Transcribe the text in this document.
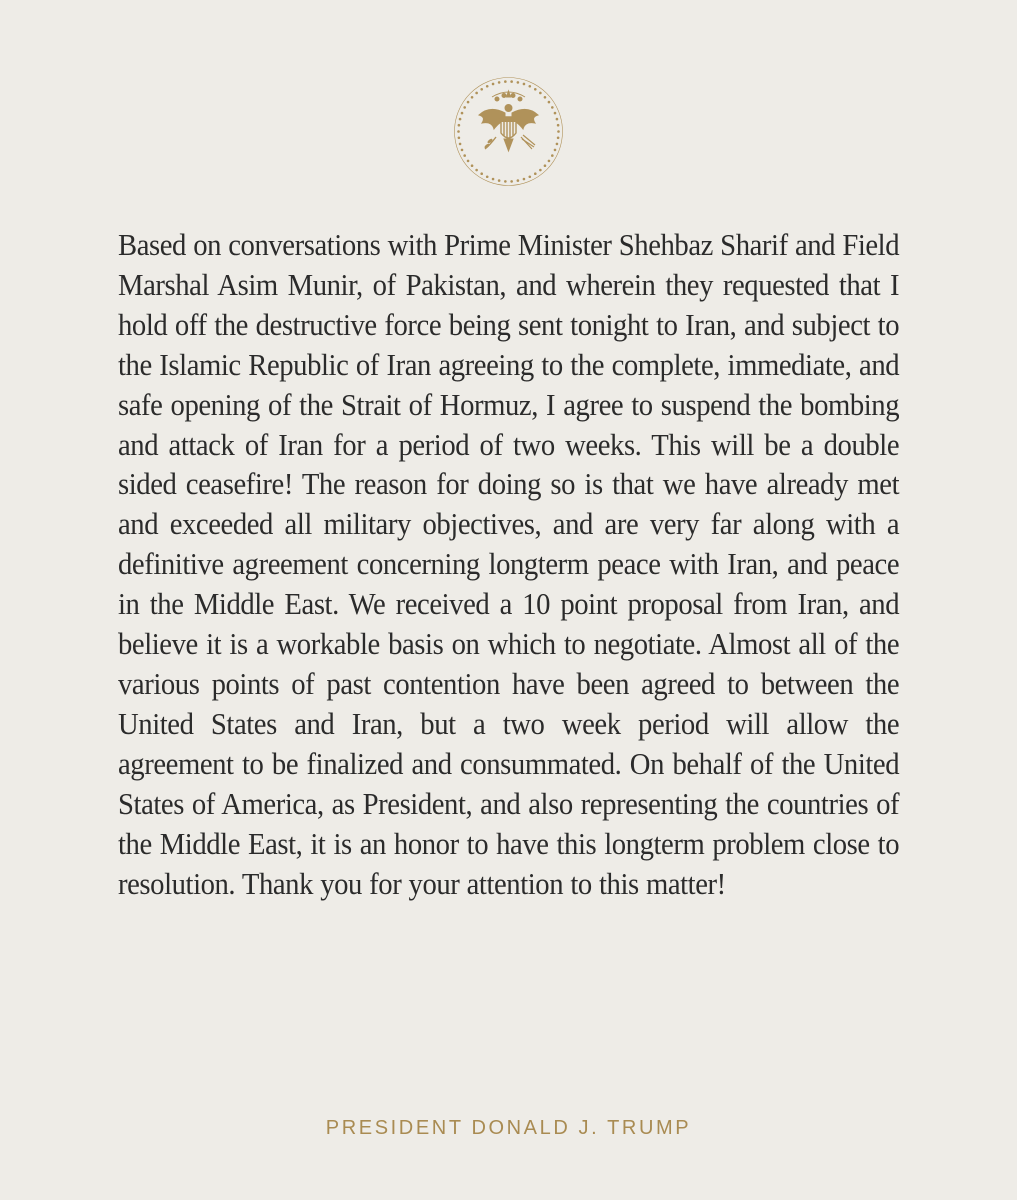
Based on conversations with Prime Minister Shehbaz Sharif and Field Marshal Asim Munir, of Pakistan, and wherein they requested that I hold off the destructive force being sent tonight to Iran, and subject to the Islamic Republic of Iran agreeing to the complete, immediate, and safe opening of the Strait of Hormuz, I agree to suspend the bombing and attack of Iran for a period of two weeks. This will be a double sided ceasefire! The reason for doing so is that we have already met and exceeded all military objectives, and are very far along with a definitive agreement concerning longterm peace with Iran, and peace in the Middle East. We received a 10 point proposal from Iran, and believe it is a workable basis on which to negotiate. Almost all of the various points of past contention have been agreed to between the United States and Iran, but a two week period will allow the agreement to be finalized and consummated. On behalf of the United States of America, as President, and also representing the countries of the Middle East, it is an honor to have this longterm problem close to resolution. Thank you for your attention to this matter!

PRESIDENT DONALD J. TRUMP
